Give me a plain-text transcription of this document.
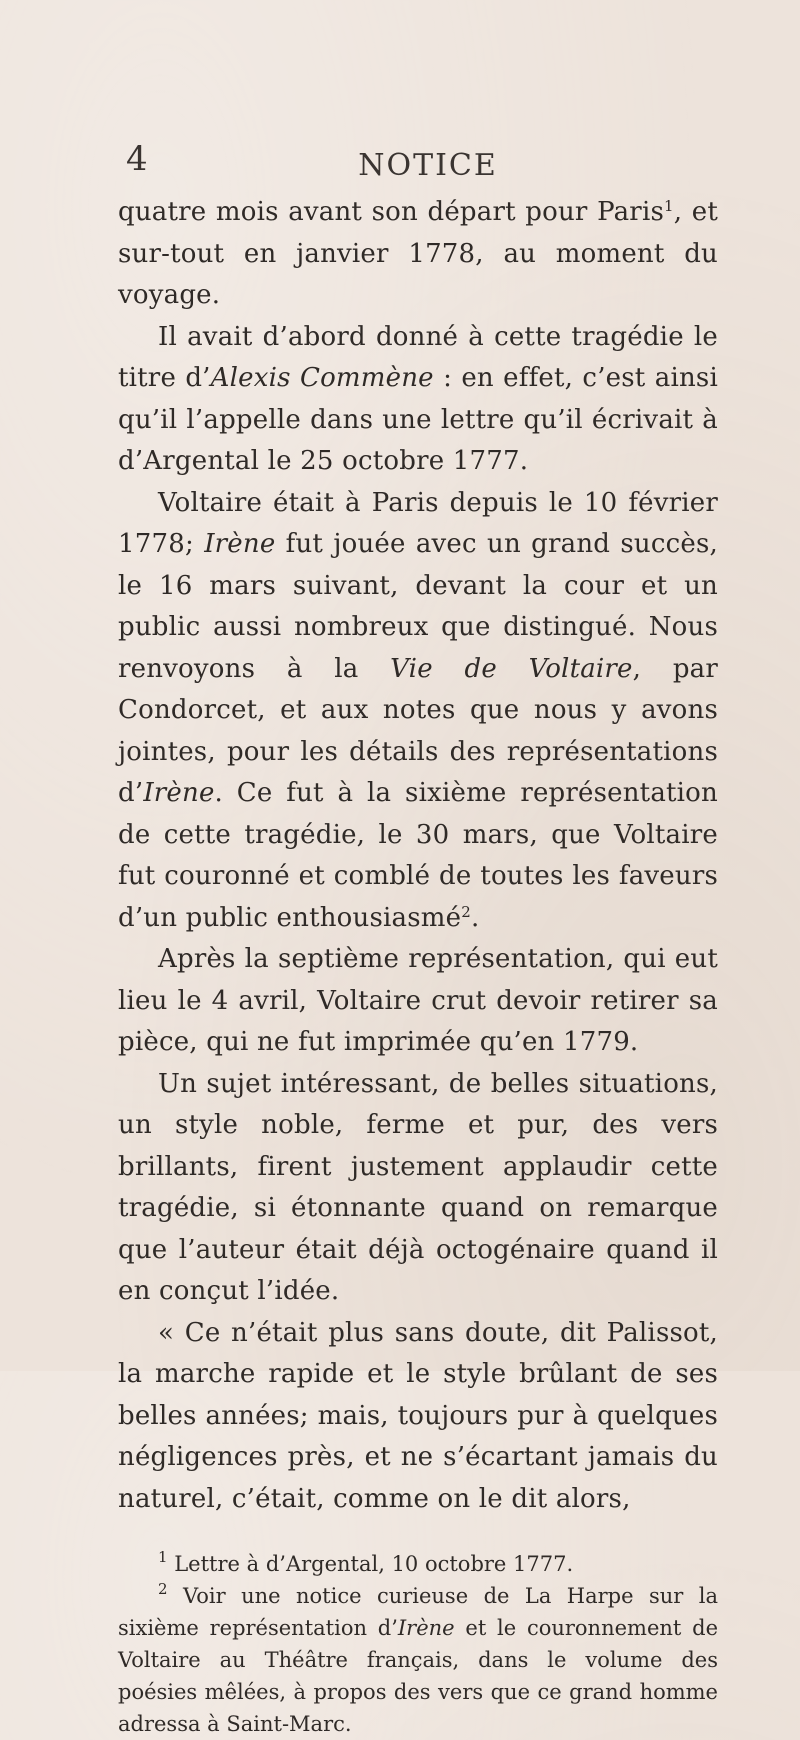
4	NOTICE

quatre mois avant son départ pour Paris$^1$, et sur-tout en janvier 1778, au moment du voyage.

Il avait d’abord donné à cette tragédie le titre d’Alexis Commène : en effet, c’est ainsi qu’il l’appelle dans une lettre qu’il écrivait à d’Argental le 25 octobre 1777.

Voltaire était à Paris depuis le 10 février 1778; Irène fut jouée avec un grand succès, le 16 mars suivant, devant la cour et un public aussi nombreux que distingué. Nous renvoyons à la Vie de Voltaire, par Condorcet, et aux notes que nous y avons jointes, pour les détails des représentations d’Irène. Ce fut à la sixième représentation de cette tragédie, le 30 mars, que Voltaire fut couronné et comblé de toutes les faveurs d’un public enthousiasmé$^2$.

Après la septième représentation, qui eut lieu le 4 avril, Voltaire crut devoir retirer sa pièce, qui ne fut imprimée qu’en 1779.

Un sujet intéressant, de belles situations, un style noble, ferme et pur, des vers brillants, firent justement applaudir cette tragédie, si étonnante quand on remarque que l’auteur était déjà octogénaire quand il en conçut l’idée.

« Ce n’était plus sans doute, dit Palissot, la marche rapide et le style brûlant de ses belles années; mais, toujours pur à quelques négligences près, et ne s’écartant jamais du naturel, c’était, comme on le dit alors,

$^1$ Lettre à d’Argental, 10 octobre 1777.

$^2$ Voir une notice curieuse de La Harpe sur la sixième représentation d’Irène et le couronnement de Voltaire au Théâtre français, dans le volume des poésies mêlées, à propos des vers que ce grand homme adressa à Saint-Marc.
